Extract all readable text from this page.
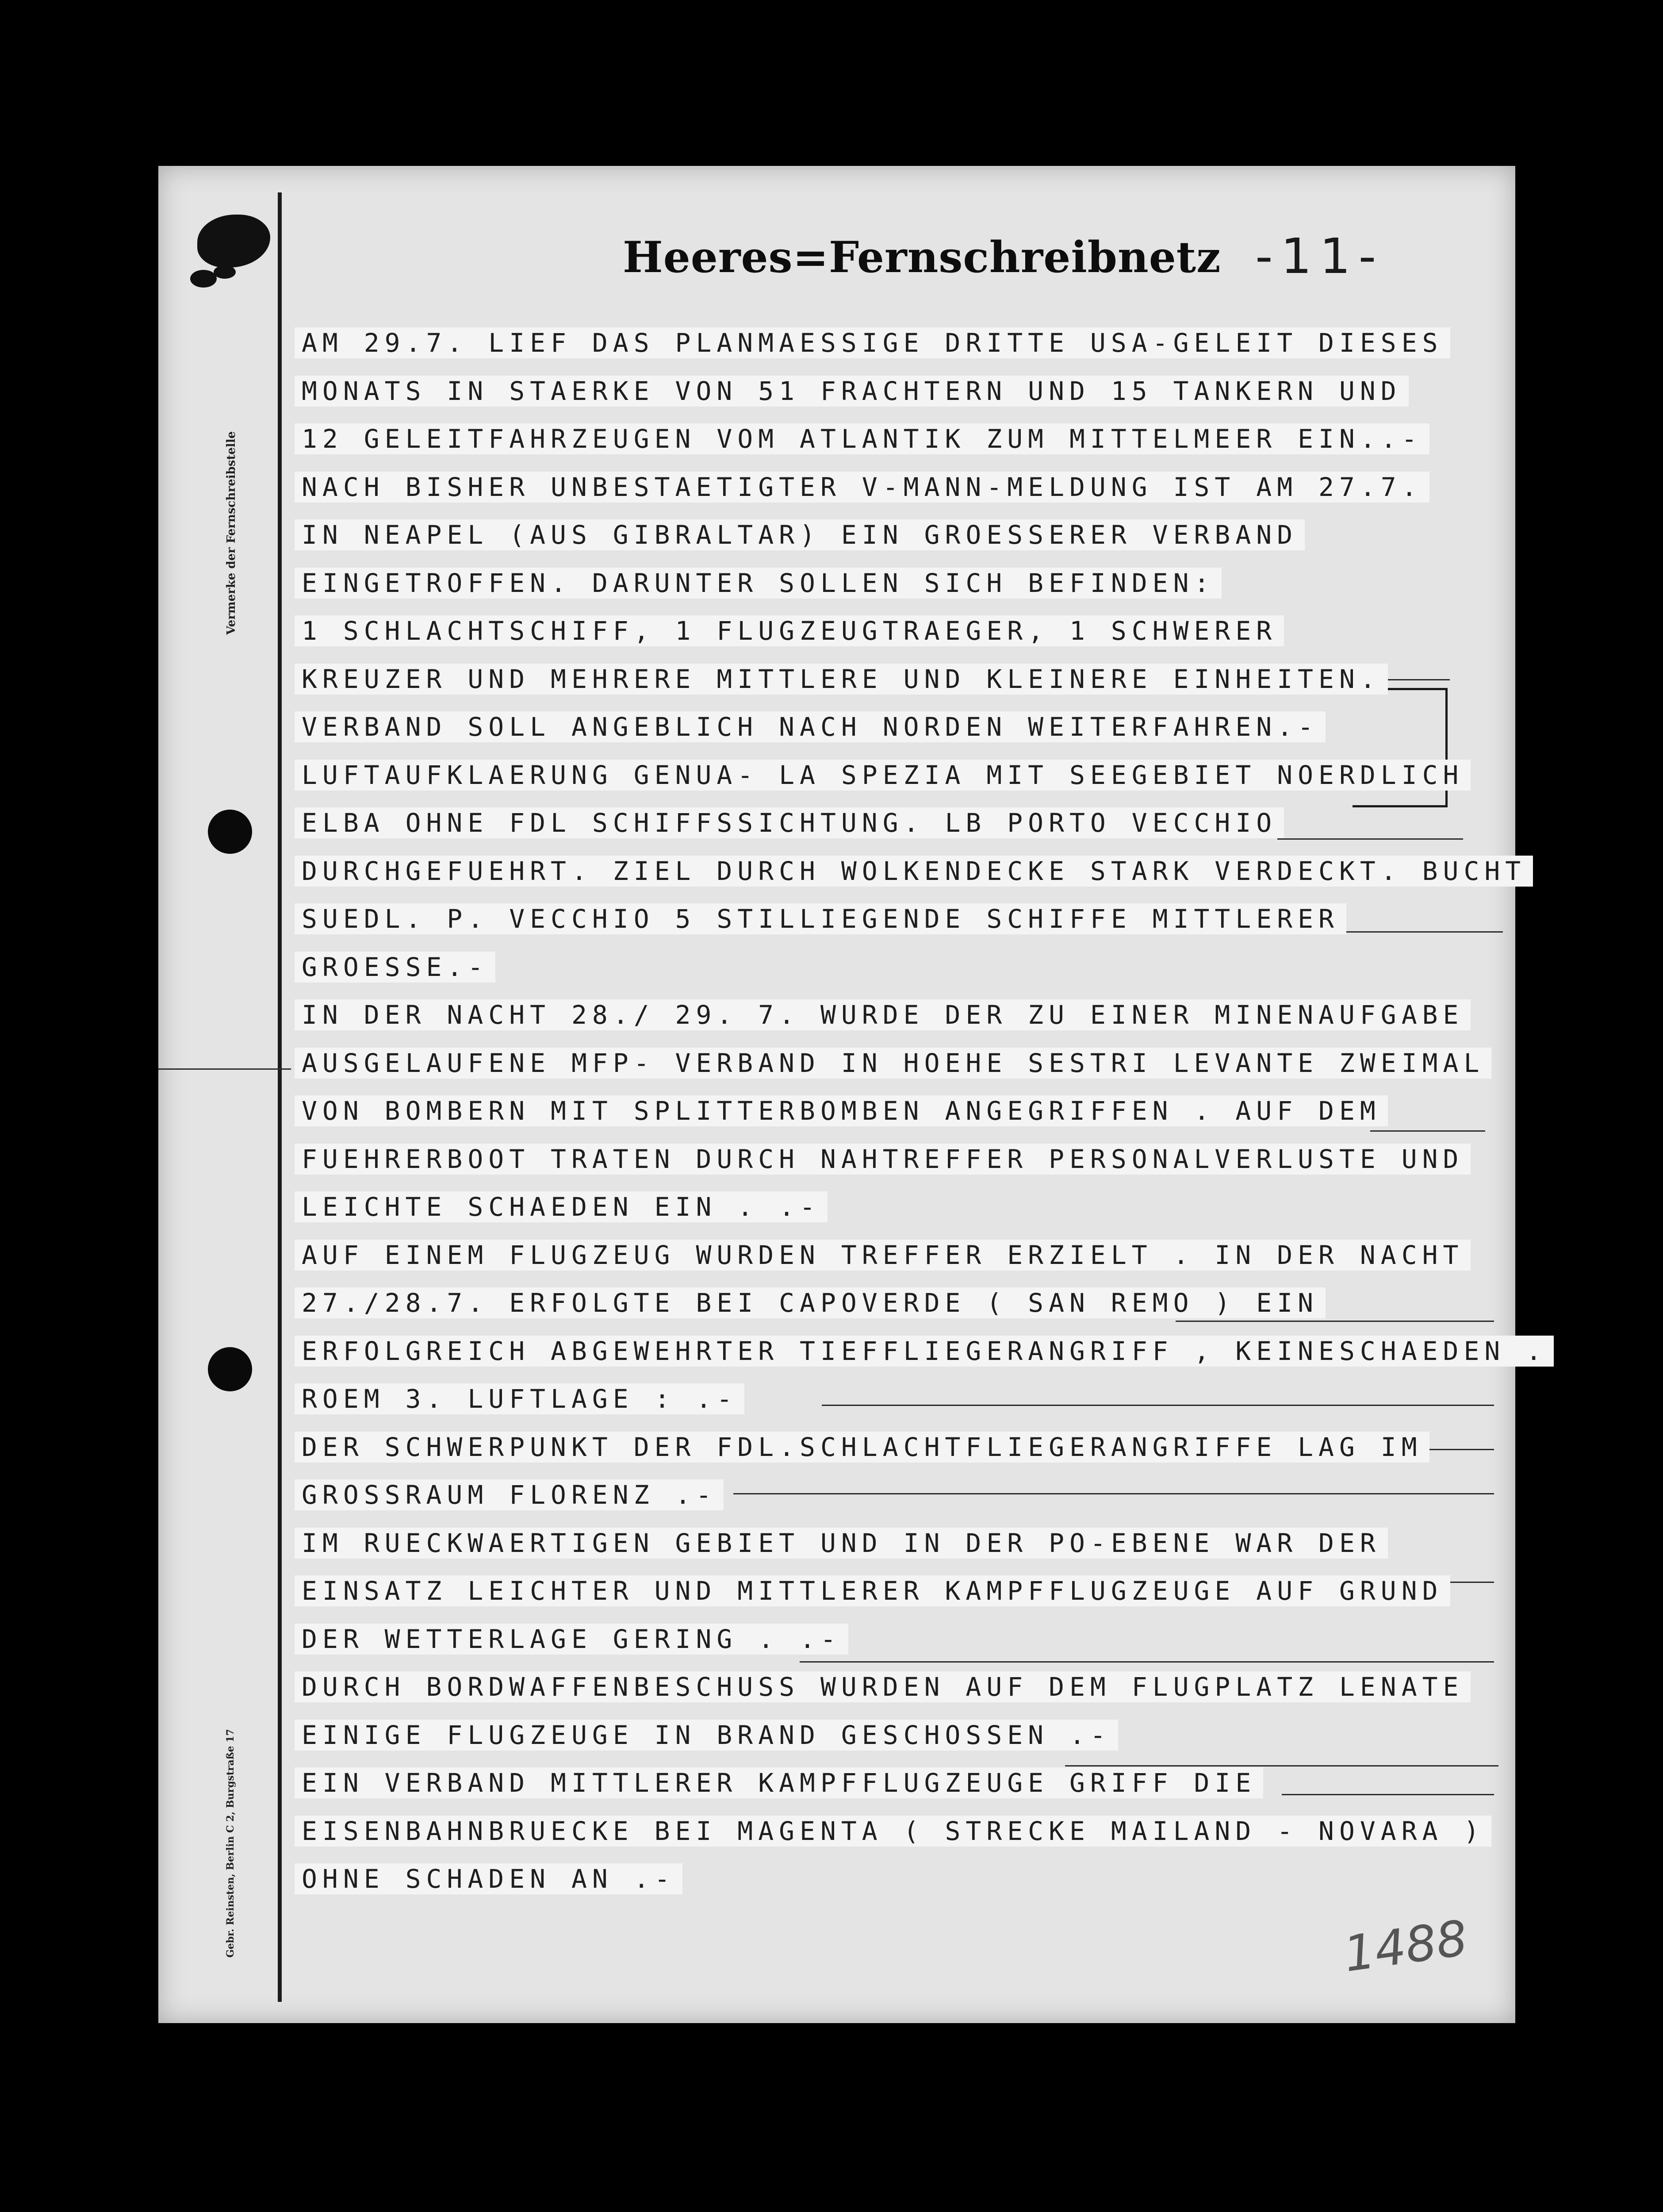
Vermerke der Fernschreibstelle
Gebr. Reinsten, Berlin C 2, Burgstraße 17
Heeres=Fernschreibnetz -11-
1488
AM 29.7. LIEF DAS PLANMAESSIGE DRITTE USA-GELEIT DIESES
MONATS IN STAERKE VON 51 FRACHTERN UND 15 TANKERN UND
12 GELEITFAHRZEUGEN VOM ATLANTIK ZUM MITTELMEER EIN..-
NACH BISHER UNBESTAETIGTER V-MANN-MELDUNG IST AM 27.7.
IN NEAPEL (AUS GIBRALTAR) EIN GROESSERER VERBAND
EINGETROFFEN. DARUNTER SOLLEN SICH BEFINDEN:
1 SCHLACHTSCHIFF, 1 FLUGZEUGTRAEGER, 1 SCHWERER
KREUZER UND MEHRERE MITTLERE UND KLEINERE EINHEITEN.
VERBAND SOLL ANGEBLICH NACH NORDEN WEITERFAHREN.-
LUFTAUFKLAERUNG GENUA- LA SPEZIA MIT SEEGEBIET NOERDLICH
ELBA OHNE FDL SCHIFFSSICHTUNG. LB PORTO VECCHIO
DURCHGEFUEHRT. ZIEL DURCH WOLKENDECKE STARK VERDECKT. BUCHT
SUEDL. P. VECCHIO 5 STILLIEGENDE SCHIFFE MITTLERER
GROESSE.-
IN DER NACHT 28./ 29. 7. WURDE DER ZU EINER MINENAUFGABE
AUSGELAUFENE MFP- VERBAND IN HOEHE SESTRI LEVANTE ZWEIMAL
VON BOMBERN MIT SPLITTERBOMBEN ANGEGRIFFEN . AUF DEM
FUEHRERBOOT TRATEN DURCH NAHTREFFER PERSONALVERLUSTE UND
LEICHTE SCHAEDEN EIN . .-
AUF EINEM FLUGZEUG WURDEN TREFFER ERZIELT . IN DER NACHT
27./28.7. ERFOLGTE BEI CAPOVERDE ( SAN REMO ) EIN
ERFOLGREICH ABGEWEHRTER TIEFFLIEGERANGRIFF , KEINESCHAEDEN .
ROEM 3. LUFTLAGE : .-
DER SCHWERPUNKT DER FDL.SCHLACHTFLIEGERANGRIFFE LAG IM
GROSSRAUM FLORENZ .-
IM RUECKWAERTIGEN GEBIET UND IN DER PO-EBENE WAR DER
EINSATZ LEICHTER UND MITTLERER KAMPFFLUGZEUGE AUF GRUND
DER WETTERLAGE GERING . .-
DURCH BORDWAFFENBESCHUSS WURDEN AUF DEM FLUGPLATZ LENATE
EINIGE FLUGZEUGE IN BRAND GESCHOSSEN .-
EIN VERBAND MITTLERER KAMPFFLUGZEUGE GRIFF DIE
EISENBAHNBRUECKE BEI MAGENTA ( STRECKE MAILAND - NOVARA )
OHNE SCHADEN AN .-
